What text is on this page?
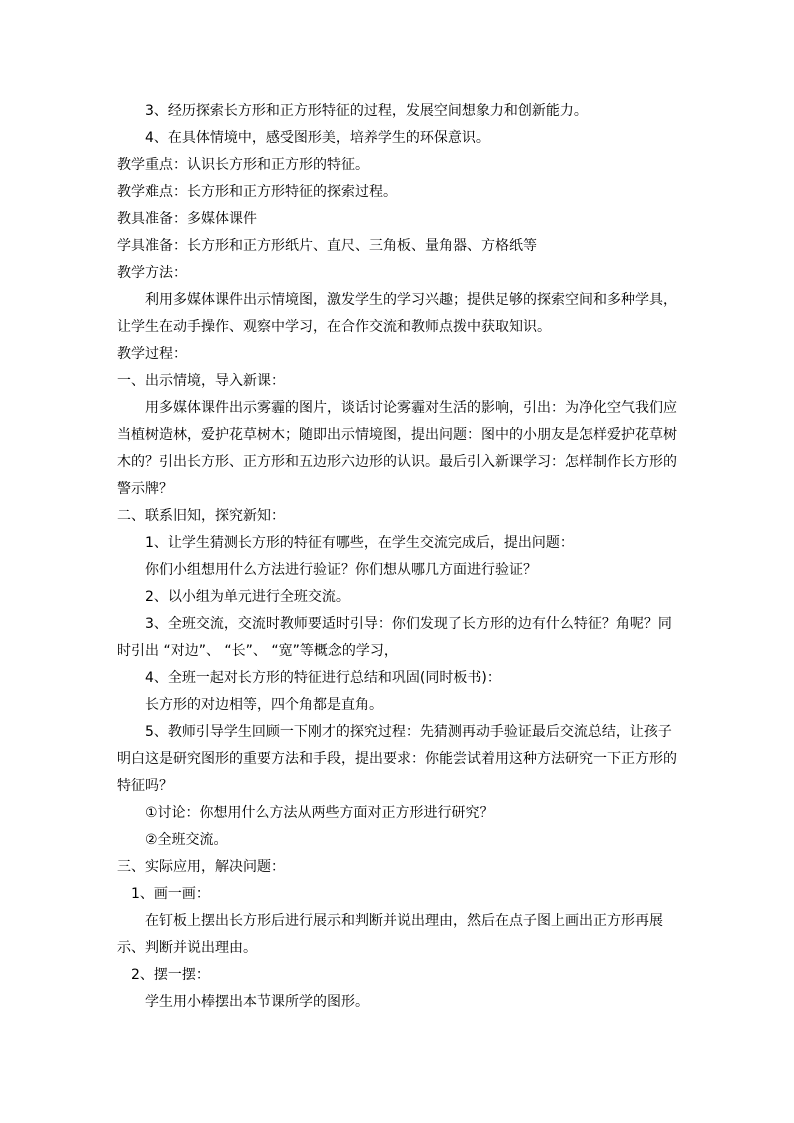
3、经历探索长方形和正方形特征的过程，发展空间想象力和创新能力。

4、在具体情境中，感受图形美，培养学生的环保意识。

教学重点：认识长方形和正方形的特征。

教学难点：长方形和正方形特征的探索过程。

教具准备：多媒体课件

学具准备：长方形和正方形纸片、直尺、三角板、量角器、方格纸等

教学方法：

利用多媒体课件出示情境图，激发学生的学习兴趣；提供足够的探索空间和多种学具，让学生在动手操作、观察中学习，在合作交流和教师点拨中获取知识。

教学过程：

一、出示情境，导入新课：

用多媒体课件出示雾霾的图片，谈话讨论雾霾对生活的影响，引出：为净化空气我们应当植树造林，爱护花草树木；随即出示情境图，提出问题：图中的小朋友是怎样爱护花草树木的？引出长方形、正方形和五边形六边形的认识。最后引入新课学习：怎样制作长方形的警示牌？

二、联系旧知，探究新知：

1、让学生猜测长方形的特征有哪些，在学生交流完成后，提出问题：

你们小组想用什么方法进行验证？你们想从哪几方面进行验证？

2、以小组为单元进行全班交流。

3、全班交流，交流时教师要适时引导：你们发现了长方形的边有什么特征？角呢？同时引出 “对边”、 “长”、 “宽”等概念的学习，

4、全班一起对长方形的特征进行总结和巩固(同时板书)：

长方形的对边相等，四个角都是直角。

5、教师引导学生回顾一下刚才的探究过程：先猜测再动手验证最后交流总结，让孩子明白这是研究图形的重要方法和手段，提出要求：你能尝试着用这种方法研究一下正方形的特征吗？

①讨论：你想用什么方法从两些方面对正方形进行研究？

②全班交流。

三、实际应用，解决问题：

1、画一画：

在钉板上摆出长方形后进行展示和判断并说出理由，然后在点子图上画出正方形再展示、判断并说出理由。

2、摆一摆：

学生用小棒摆出本节课所学的图形。
